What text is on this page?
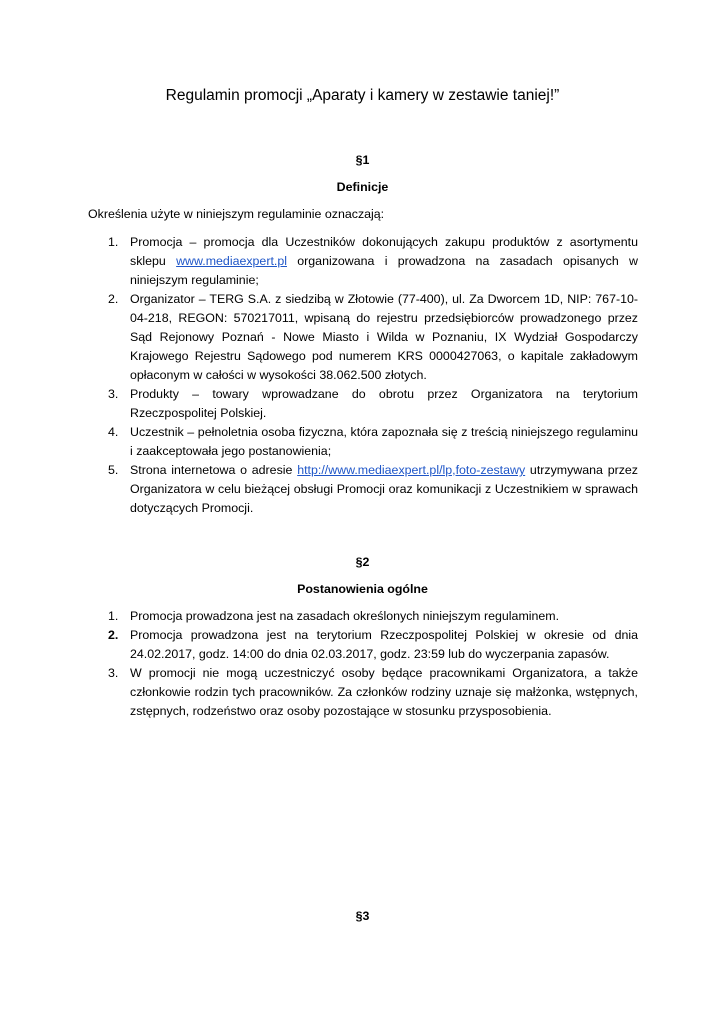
Regulamin promocji „Aparaty i kamery w zestawie taniej!”
§1
Definicje
Określenia użyte w niniejszym regulaminie oznaczają:
1. Promocja – promocja dla Uczestników dokonujących zakupu produktów z asortymentu sklepu www.mediaexpert.pl organizowana i prowadzona na zasadach opisanych w niniejszym regulaminie;
2. Organizator – TERG S.A. z siedzibą w Złotowie (77-400), ul. Za Dworcem 1D, NIP: 767-10-04-218, REGON: 570217011, wpisaną do rejestru przedsiębiorców prowadzonego przez Sąd Rejonowy Poznań - Nowe Miasto i Wilda w Poznaniu, IX Wydział Gospodarczy Krajowego Rejestru Sądowego pod numerem KRS 0000427063, o kapitale zakładowym opłaconym w całości w wysokości 38.062.500 złotych.
3. Produkty – towary wprowadzane do obrotu przez Organizatora na terytorium Rzeczpospolitej Polskiej.
4. Uczestnik – pełnoletnia osoba fizyczna, która zapoznała się z treścią niniejszego regulaminu i zaakceptowała jego postanowienia;
5. Strona internetowa o adresie http://www.mediaexpert.pl/lp,foto-zestawy utrzymywana przez Organizatora w celu bieżącej obsługi Promocji oraz komunikacji z Uczestnikiem w sprawach dotyczących Promocji.
§2
Postanowienia ogólne
1. Promocja prowadzona jest na zasadach określonych niniejszym regulaminem.
2. Promocja prowadzona jest na terytorium Rzeczpospolitej Polskiej w okresie od dnia 24.02.2017, godz. 14:00 do dnia 02.03.2017, godz. 23:59 lub do wyczerpania zapasów.
3. W promocji nie mogą uczestniczyć osoby będące pracownikami Organizatora, a także członkowie rodzin tych pracowników. Za członków rodziny uznaje się małżonka, wstępnych, zstępnych, rodzeństwo oraz osoby pozostające w stosunku przysposobienia.
§3
